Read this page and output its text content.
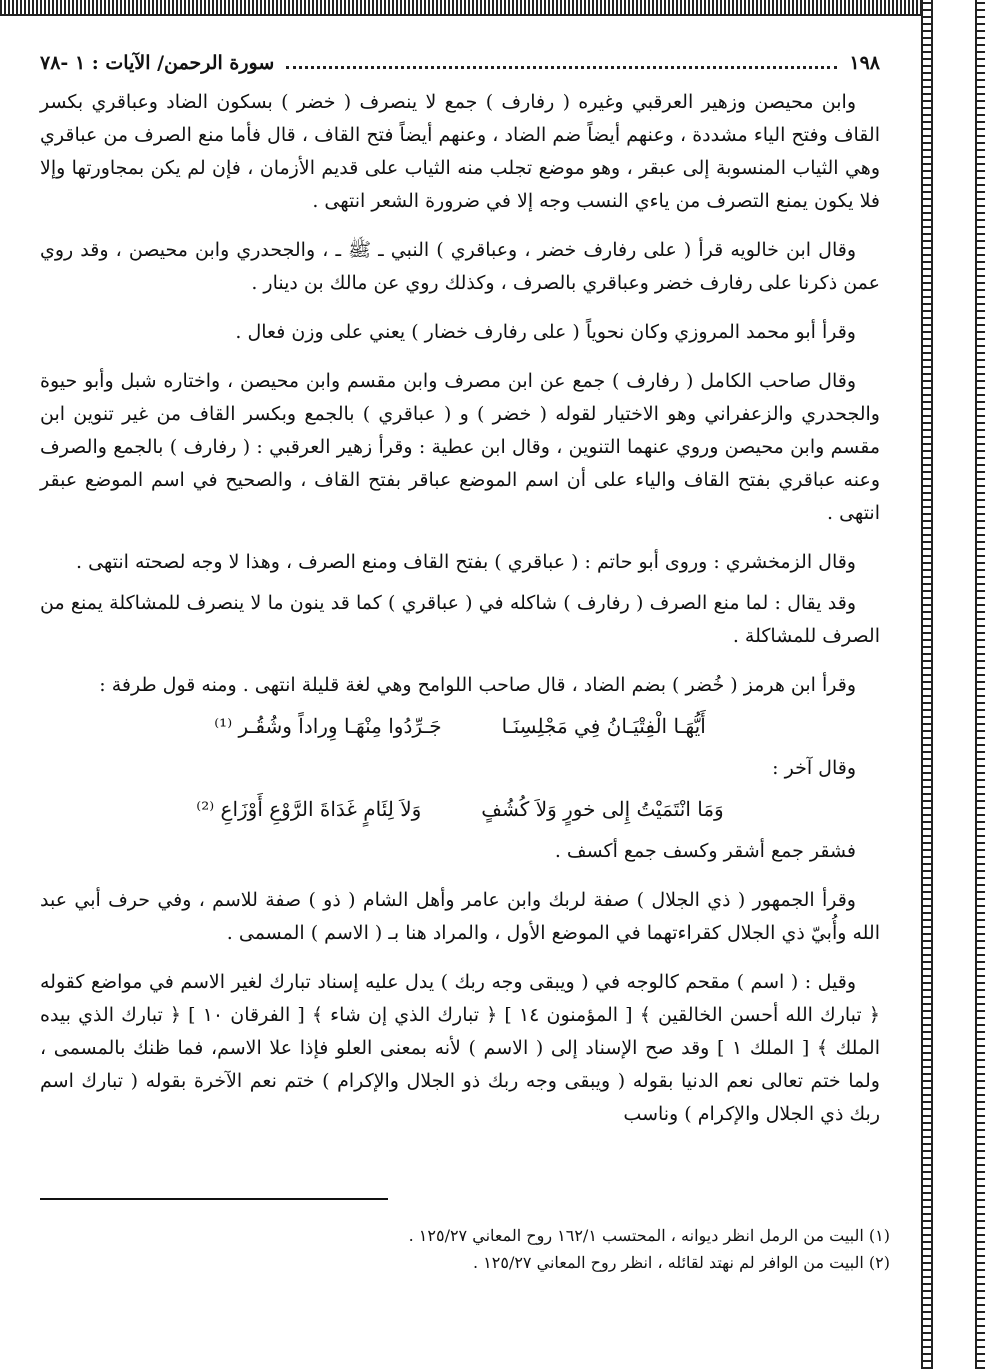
١٩٨
سورة الرحمن/ الآيات : ١ -٧٨

وابن محيصن وزهير العرقبي وغيره ( رفارف ) جمع لا ينصرف ( خضر ) بسكون الضاد وعباقري بكسر القاف وفتح الياء مشددة ، وعنهم أيضاً ضم الضاد ، وعنهم أيضاً فتح القاف ، قال فأما منع الصرف من عباقري وهي الثياب المنسوبة إلى عبقر ، وهو موضع تجلب منه الثياب على قديم الأزمان ، فإن لم يكن بمجاورتها وإلا فلا يكون يمنع التصرف من ياءي النسب وجه إلا في ضرورة الشعر انتهى .

وقال ابن خالويه قرأ ( على رفارف خضر ، وعباقري ) النبي ـ ﷺ ـ ، والجحدري وابن محيصن ، وقد روي عمن ذكرنا على رفارف خضر وعباقري بالصرف ، وكذلك روي عن مالك بن دينار .

وقرأ أبو محمد المروزي وكان نحوياً ( على رفارف خضار ) يعني على وزن فعال .

وقال صاحب الكامل ( رفارف ) جمع عن ابن مصرف وابن مقسم وابن محيصن ، واختاره شبل وأبو حيوة والجحدري والزعفراني وهو الاختيار لقوله ( خضر ) و ( عباقري ) بالجمع وبكسر القاف من غير تنوين ابن مقسم وابن محيصن وروي عنهما التنوين ، وقال ابن عطية : وقرأ زهير العرقبي : ( رفارف ) بالجمع والصرف وعنه عباقري بفتح القاف والياء على أن اسم الموضع عباقر بفتح القاف ، والصحيح في اسم الموضع عبقر انتهى .

وقال الزمخشري : وروى أبو حاتم : ( عباقري ) بفتح القاف ومنع الصرف ، وهذا لا وجه لصحته انتهى .

وقد يقال : لما منع الصرف ( رفارف ) شاكله في ( عباقري ) كما قد ينون ما لا ينصرف للمشاكلة يمنع من الصرف للمشاكلة .

وقرأ ابن هرمز ( خُضر ) بضم الضاد ، قال صاحب اللوامح وهي لغة قليلة انتهى . ومنه قول طرفة :

أَيُّهَـا الْفِتْيَـانُ فِي مَجْلِسِنَـا
جَـرِّدُوا مِنْهَـا وِراداً وشُقُـر ⁽¹⁾

وقال آخر :

وَمَا انْتَمَيْتُ إِلى خورٍ وَلاَ كُشُفٍ
وَلاَ لِئَامٍ غَدَاةَ الرَّوْعِ أَوْزَاعِ ⁽²⁾

فشقر جمع أشقر وكسف جمع أكسف .

وقرأ الجمهور ( ذي الجلال ) صفة لربك وابن عامر وأهل الشام ( ذو ) صفة للاسم ، وفي حرف أبي عبد الله وأُبيّ ذي الجلال كقراءتهما في الموضع الأول ، والمراد هنا بـ ( الاسم ) المسمى .

وقيل : ( اسم ) مقحم كالوجه في ( ويبقى وجه ربك ) يدل عليه إسناد تبارك لغير الاسم في مواضع كقوله ﴿ تبارك الله أحسن الخالقين ﴾ [ المؤمنون ١٤ ] ﴿ تبارك الذي إن شاء ﴾ [ الفرقان ١٠ ] ﴿ تبارك الذي بيده الملك ﴾ [ الملك ١ ] وقد صح الإسناد إلى ( الاسم ) لأنه بمعنى العلو فإذا علا الاسم، فما ظنك بالمسمى ، ولما ختم تعالى نعم الدنيا بقوله ( ويبقى وجه ربك ذو الجلال والإكرام ) ختم نعم الآخرة بقوله ( تبارك اسم ربك ذي الجلال والإكرام ) وناسب

(١) البيت من الرمل انظر ديوانه ، المحتسب ١٦٢/١ روح المعاني ١٢٥/٢٧ .
(٢) البيت من الوافر لم نهتد لقائله ، انظر روح المعاني ١٢٥/٢٧ .
